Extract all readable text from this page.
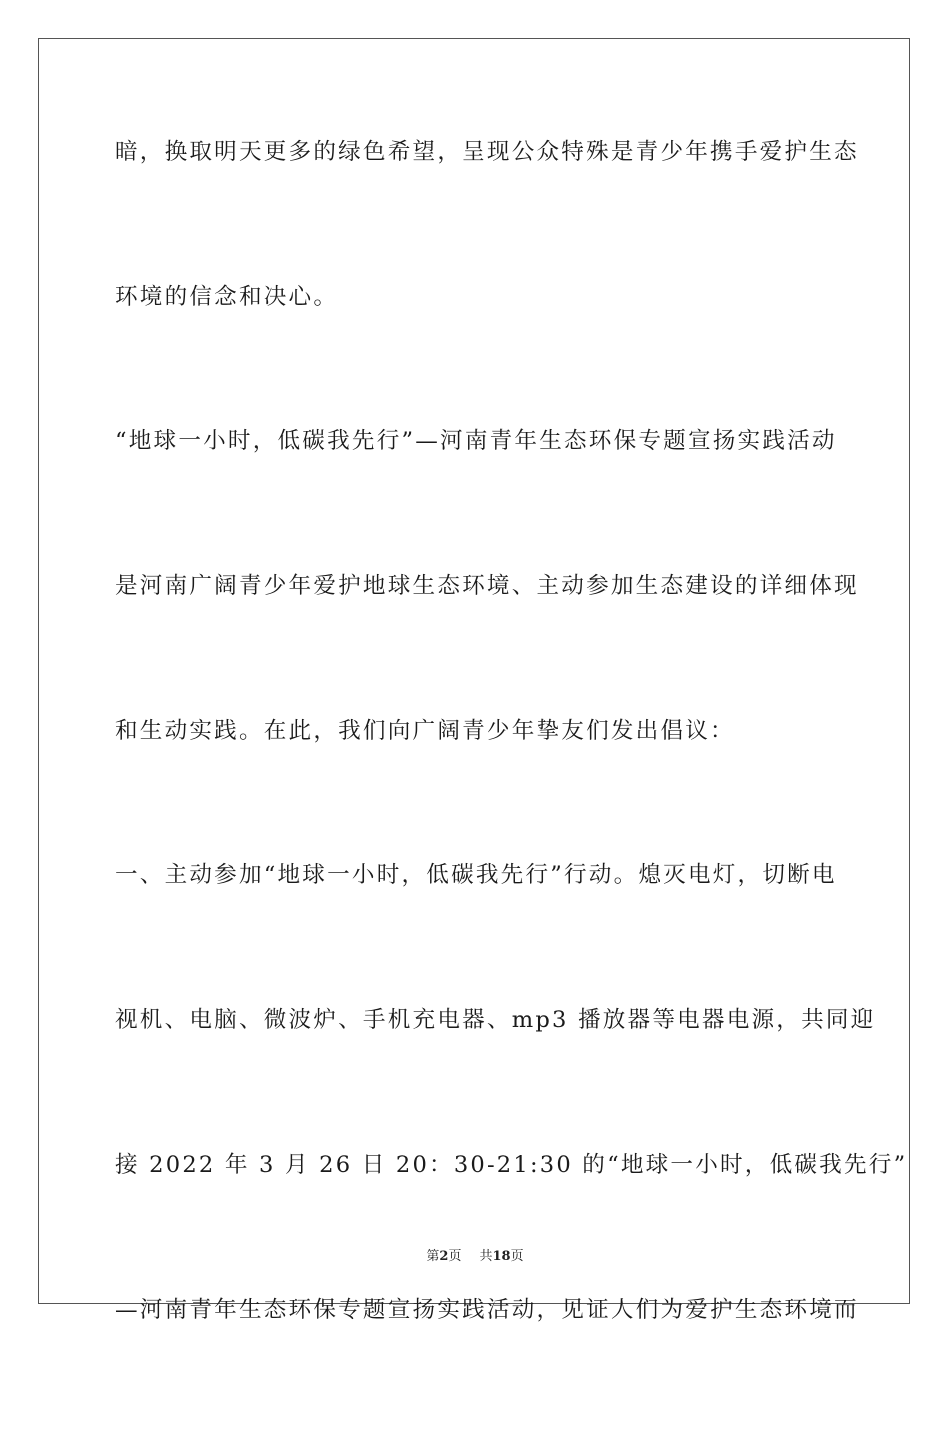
暗，换取明天更多的绿色希望，呈现公众特殊是青少年携手爱护生态
环境的信念和决心。
“地球一小时，低碳我先行”—河南青年生态环保专题宣扬实践活动
是河南广阔青少年爱护地球生态环境、主动参加生态建设的详细体现
和生动实践。在此，我们向广阔青少年挚友们发出倡议：
一、主动参加“地球一小时，低碳我先行”行动。熄灭电灯，切断电
视机、电脑、微波炉、手机充电器、mp3 播放器等电器电源，共同迎
接 2022 年 3 月 26 日 20：30-21:30 的“地球一小时，低碳我先行”
—河南青年生态环保专题宣扬实践活动，见证人们为爱护生态环境而
第2页 共18页
